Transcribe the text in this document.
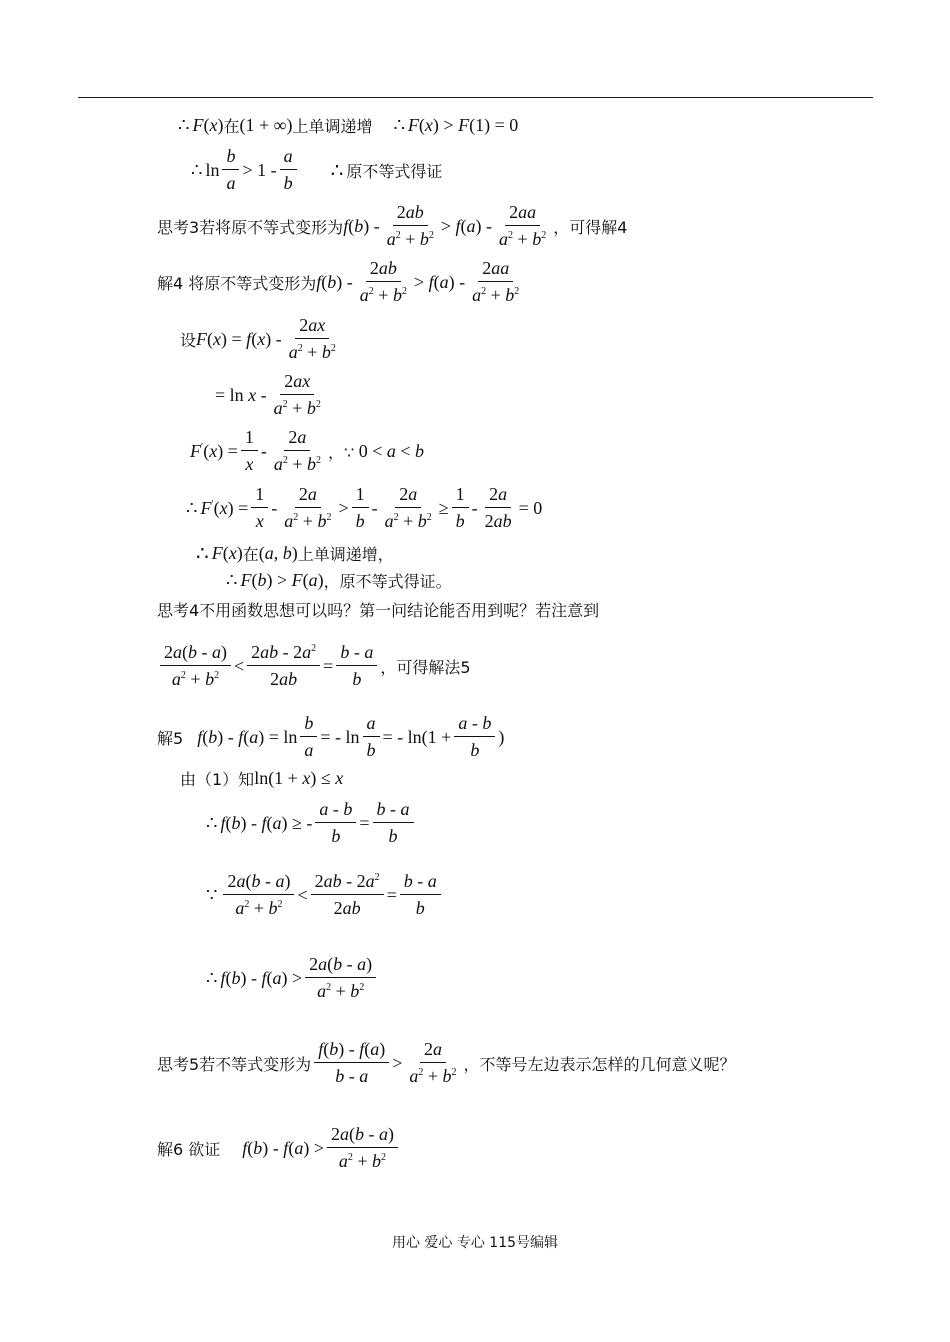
∴ F(x) 在 (1 + ∞) 上单调递增 ∴ F(x) > F(1) = 0
∴ $\ln \frac{b}{a} > 1 - \frac{a}{b}$ ∴ 原不等式得证
思考3若将原不等式变形为 $f(b) - \frac{2ab}{a^2 + b^2} > f(a) - \frac{2aa}{a^2 + b^2}$ ，可得解4
解4 将原不等式变形为 $f(b) - \frac{2ab}{a^2 + b^2} > f(a) - \frac{2aa}{a^2 + b^2}$
设 $F(x) = f(x) - \frac{2ax}{a^2 + b^2}$
= ln x - $\frac{2ax}{a^2 + b^2}$
$F'(x) = \frac{1}{x} - \frac{2a}{a^2 + b^2}$ ，∵ 0 < a < b
∴ $F'(x) = \frac{1}{x} - \frac{2a}{a^2 + b^2} > \frac{1}{b} - \frac{2a}{a^2 + b^2} \ge \frac{1}{b} - \frac{2a}{2ab} = 0$
∴ F(x) 在 (a, b) 上单调递增，
∴ F(b) > F(a) ，原不等式得证。
思考4不用函数思想可以吗？第一问结论能否用到呢？若注意到
$\frac{2a(b - a)}{a^2 + b^2} < \frac{2ab - 2a^2}{2ab} = \frac{b - a}{b}$ ，可得解法5
解5 $f(b) - f(a) = \ln \frac{b}{a}$ = - $\ln \frac{a}{b}$ = - $\ln(1 + \frac{a - b}{b}$ )
由（1）知 ln(1 + x) ≤ x
∴ f(b) - f(a) ≥ - $\frac{a - b}{b} = \frac{b - a}{b}$
∵ $\frac{2a(b - a)}{a^2 + b^2} < \frac{2ab - 2a^2}{2ab} = \frac{b - a}{b}$
∴ $f(b) - f(a) > \frac{2a(b - a)}{a^2 + b^2}$
思考5若不等式变形为 $\frac{f(b) - f(a)}{b - a} > \frac{2a}{a^2 + b^2}$ ，不等号左边表示怎样的几何意义呢？
解6 欲证 $f(b) - f(a) > \frac{2a(b - a)}{a^2 + b^2}$
用心 爱心 专心 115号编辑
